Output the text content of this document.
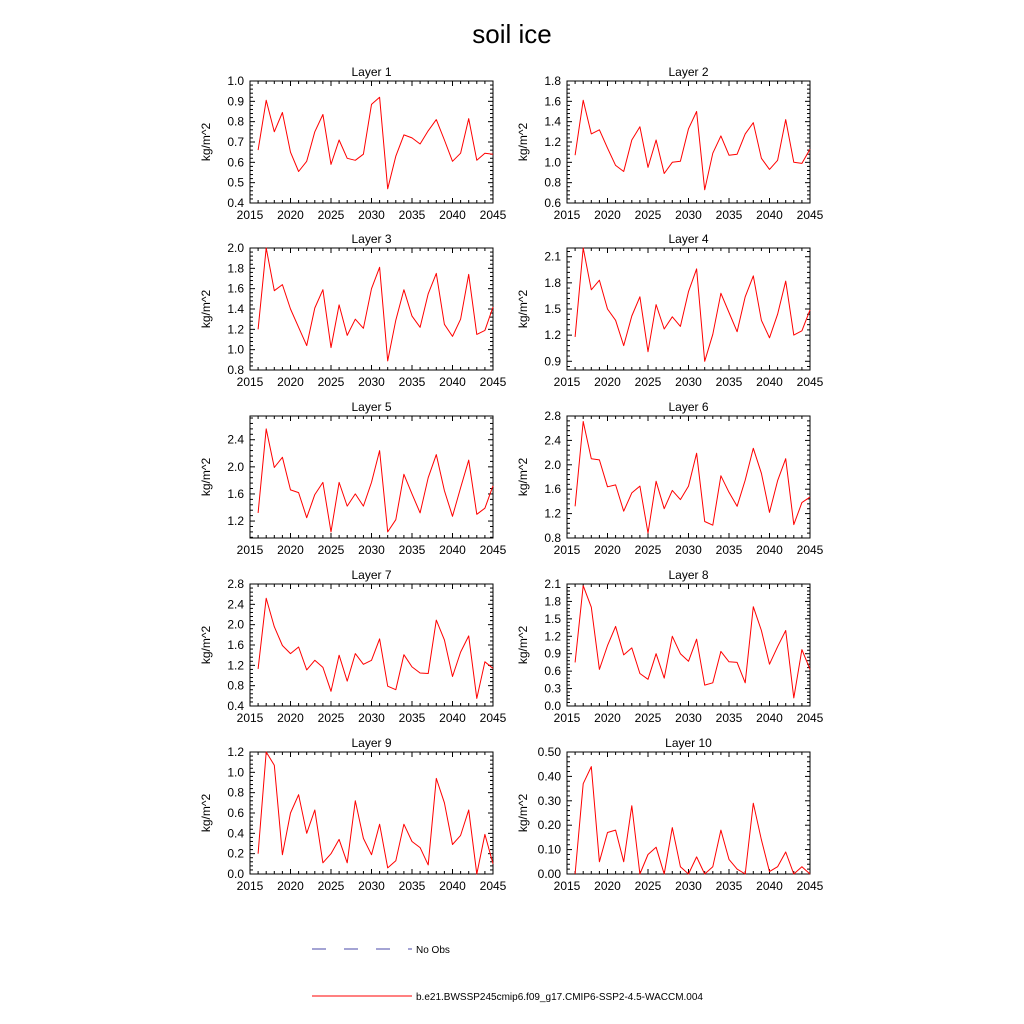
soil ice
Layer 1
kg/m^2
2015 2020 2025 2030 2035 2040 2045
0.4
0.5
0.6
0.7
0.8
0.9
1.0
Layer 2
kg/m^2
2015 2020 2025 2030 2035 2040 2045
0.6
0.8
1.0
1.2
1.4
1.6
1.8
Layer 3
kg/m^2
2015 2020 2025 2030 2035 2040 2045
0.8
1.0
1.2
1.4
1.6
1.8
2.0
Layer 4
kg/m^2
2015 2020 2025 2030 2035 2040 2045
0.9
1.2
1.5
1.8
2.1
Layer 5
kg/m^2
2015 2020 2025 2030 2035 2040 2045
1.2
1.6
2.0
2.4
Layer 6
kg/m^2
2015 2020 2025 2030 2035 2040 2045
0.8
1.2
1.6
2.0
2.4
2.8
Layer 7
kg/m^2
2015 2020 2025 2030 2035 2040 2045
0.4
0.8
1.2
1.6
2.0
2.4
2.8
Layer 8
kg/m^2
2015 2020 2025 2030 2035 2040 2045
0.0
0.3
0.6
0.9
1.2
1.5
1.8
2.1
Layer 9
kg/m^2
2015 2020 2025 2030 2035 2040 2045
0.0
0.2
0.4
0.6
0.8
1.0
1.2
Layer 10
kg/m^2
2015 2020 2025 2030 2035 2040 2045
0.00
0.10
0.20
0.30
0.40
0.50
No Obs
b.e21.BWSSP245cmip6.f09_g17.CMIP6-SSP2-4.5-WACCM.004
